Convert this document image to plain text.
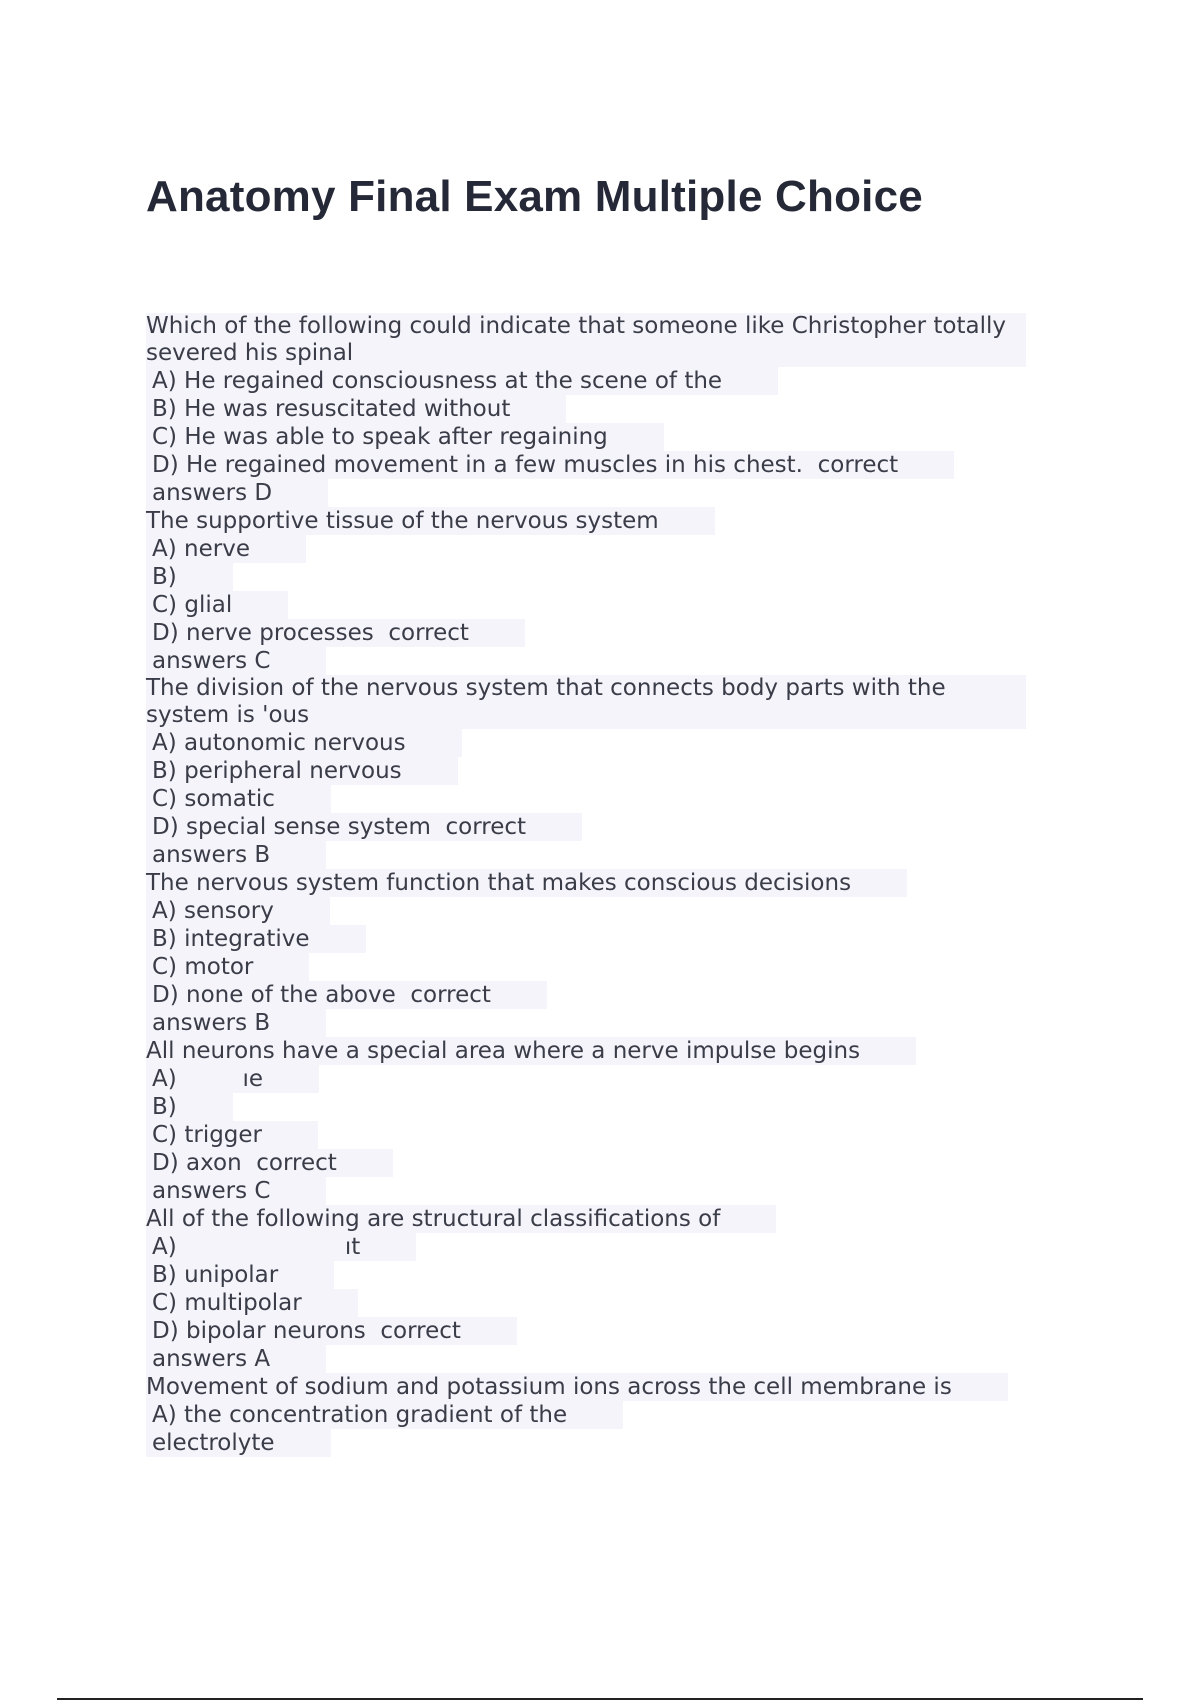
Anatomy Final Exam Multiple Choice
Which of the following could indicate that someone like Christopher totally severed his spinal
A) He regained consciousness at the scene of the
B) He was resuscitated without
C) He was able to speak after regaining
D) He regained movement in a few muscles in his chest.  correct
answers D
The supportive tissue of the nervous system
A) nerve
B)
C) glial
D) nerve processes  correct
answers C
The division of the nervous system that connects body parts with the system is 'ous
A) autonomic nervous
B) peripheral nervous
C) somatic
D) special sense system  correct
answers B
The nervous system function that makes conscious decisions
A) sensory
B) integrative
C) motor
D) none of the above  correct
answers B
All neurons have a special area where a nerve impulse begins
A)         ıe
B)
C) trigger
D) axon  correct
answers C
All of the following are structural classifications of
A)                       ıt
B) unipolar
C) multipolar
D) bipolar neurons  correct
answers A
Movement of sodium and potassium ions across the cell membrane is
A) the concentration gradient of the
electrolyte
